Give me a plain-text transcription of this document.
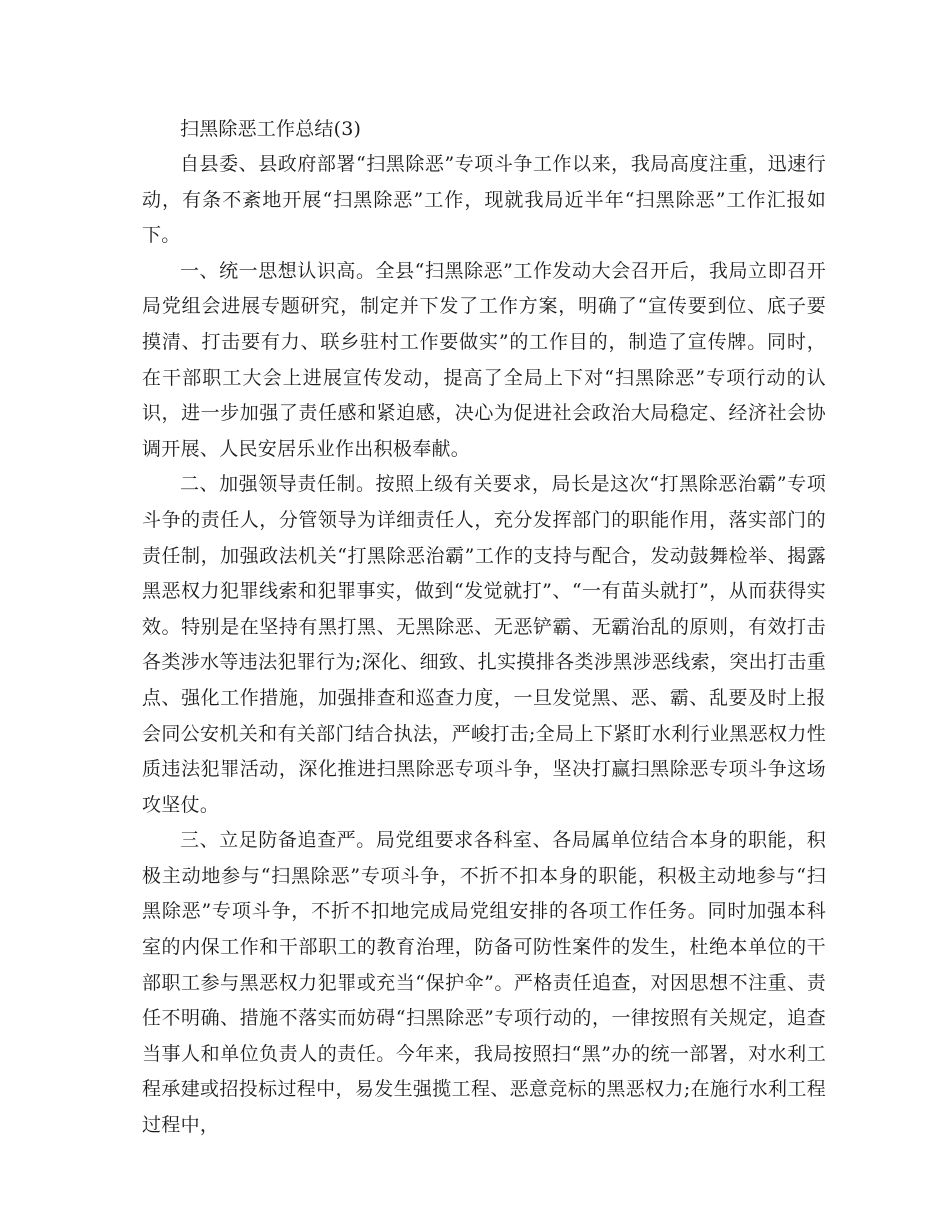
扫黑除恶工作总结(3)

自县委、县政府部署“扫黑除恶”专项斗争工作以来，我局高度注重，迅速行动，有条不紊地开展“扫黑除恶”工作，现就我局近半年“扫黑除恶”工作汇报如下。

一、统一思想认识高。全县“扫黑除恶”工作发动大会召开后，我局立即召开局党组会进展专题研究，制定并下发了工作方案，明确了“宣传要到位、底子要摸清、打击要有力、联乡驻村工作要做实”的工作目的，制造了宣传牌。同时，在干部职工大会上进展宣传发动，提高了全局上下对“扫黑除恶”专项行动的认识，进一步加强了责任感和紧迫感，决心为促进社会政治大局稳定、经济社会协调开展、人民安居乐业作出积极奉献。

二、加强领导责任制。按照上级有关要求，局长是这次“打黑除恶治霸”专项斗争的责任人，分管领导为详细责任人，充分发挥部门的职能作用，落实部门的责任制，加强政法机关“打黑除恶治霸”工作的支持与配合，发动鼓舞检举、揭露黑恶权力犯罪线索和犯罪事实，做到“发觉就打”、“一有苗头就打”，从而获得实效。特别是在坚持有黑打黑、无黑除恶、无恶铲霸、无霸治乱的原则，有效打击各类涉水等违法犯罪行为;深化、细致、扎实摸排各类涉黑涉恶线索，突出打击重点、强化工作措施，加强排查和巡查力度，一旦发觉黑、恶、霸、乱要及时上报会同公安机关和有关部门结合执法，严峻打击;全局上下紧盯水利行业黑恶权力性质违法犯罪活动，深化推进扫黑除恶专项斗争，坚决打赢扫黑除恶专项斗争这场攻坚仗。

三、立足防备追查严。局党组要求各科室、各局属单位结合本身的职能，积极主动地参与“扫黑除恶”专项斗争，不折不扣本身的职能，积极主动地参与“扫黑除恶”专项斗争，不折不扣地完成局党组安排的各项工作任务。同时加强本科室的内保工作和干部职工的教育治理，防备可防性案件的发生，杜绝本单位的干部职工参与黑恶权力犯罪或充当“保护伞”。严格责任追查，对因思想不注重、责任不明确、措施不落实而妨碍“扫黑除恶”专项行动的，一律按照有关规定，追查当事人和单位负责人的责任。今年来，我局按照扫“黑”办的统一部署，对水利工程承建或招投标过程中，易发生强揽工程、恶意竞标的黑恶权力;在施行水利工程过程中，
